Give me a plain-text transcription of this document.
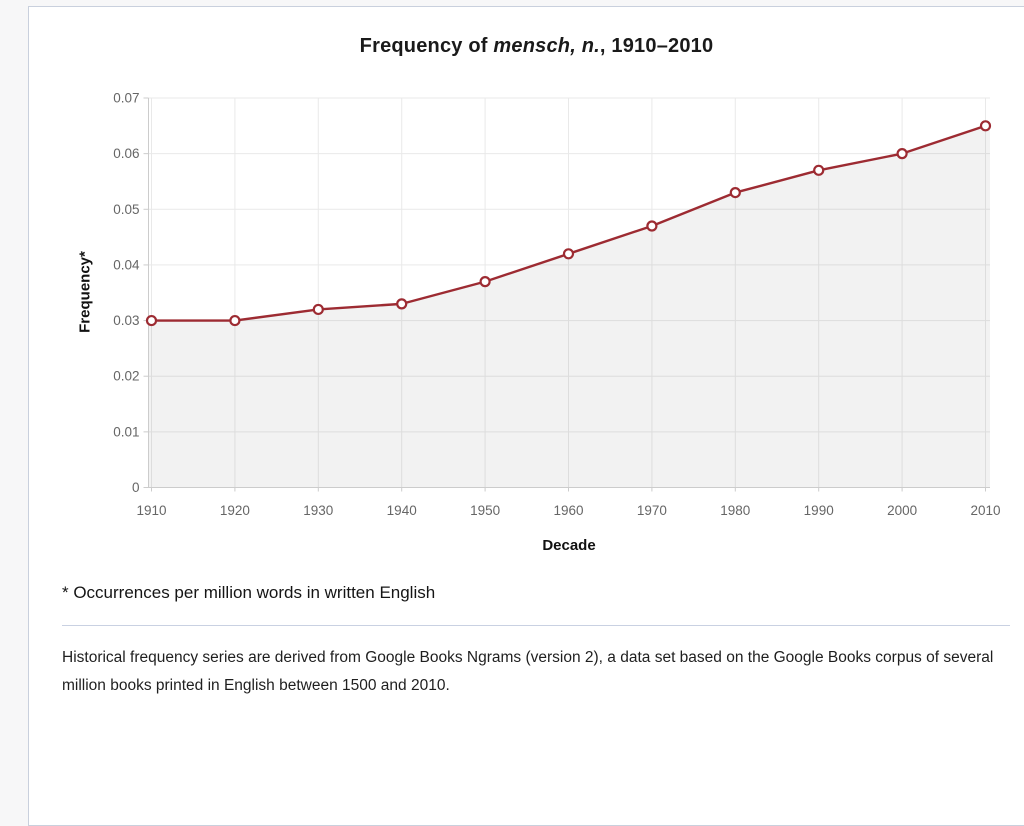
Frequency of mensch, n., 1910–2010
0
0.01
0.02
0.03
0.04
0.05
0.06
0.07
1910	1920	1930	1940	1950	1960	1970	1980	1990	2000	2010
Frequency*
Decade

* Occurrences per million words in written English

Historical frequency series are derived from Google Books Ngrams (version 2), a data set based on the Google Books corpus of several million books printed in English between 1500 and 2010.
